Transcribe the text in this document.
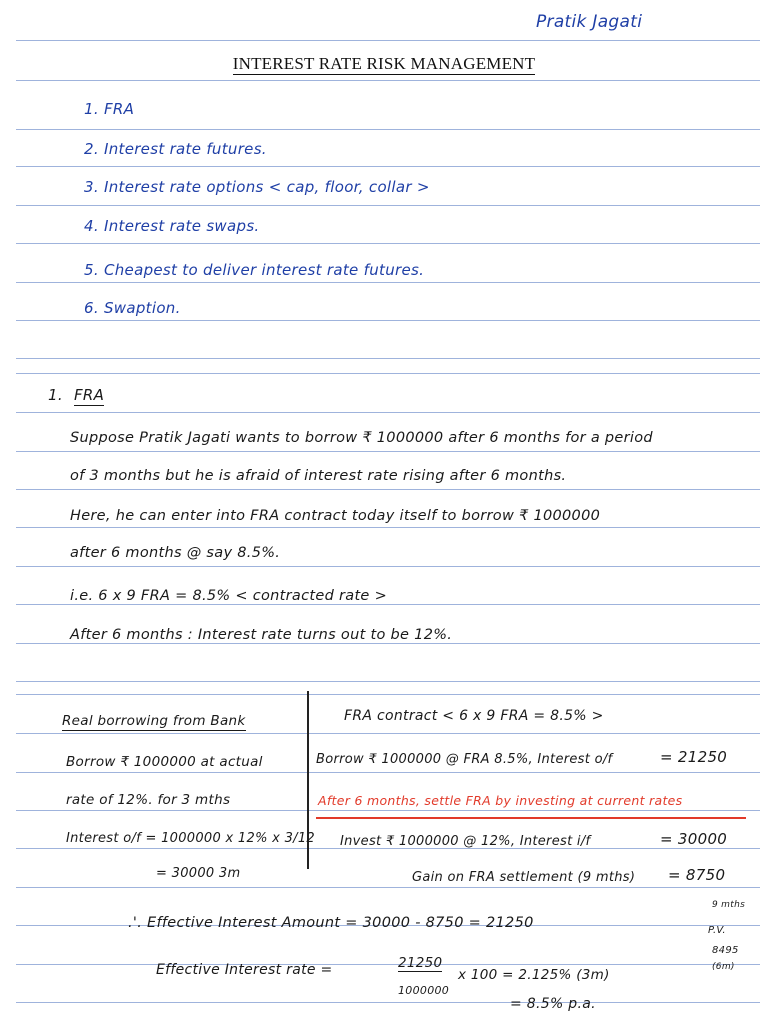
Pratik Jagati
INTEREST RATE RISK MANAGEMENT
1. FRA
2. Interest rate futures.
3. Interest rate options < cap, floor, collar >
4. Interest rate swaps.
5. Cheapest to deliver interest rate futures.
6. Swaption.
1. FRA
Suppose Pratik Jagati wants to borrow ₹ 1000000 after 6 months for a period
of 3 months but he is afraid of interest rate rising after 6 months.
Here, he can enter into FRA contract today itself to borrow ₹ 1000000
after 6 months @ say 8.5%.
i.e. 6 x 9 FRA = 8.5% < contracted rate >
After 6 months : Interest rate turns out to be 12%.
Real borrowing from Bank
Borrow ₹ 1000000 at actual
rate of 12%. for 3 mths
Interest o/f = 1000000 x 12% x 3/12
= 30000 3m
FRA contract < 6 x 9 FRA = 8.5% >
Borrow ₹ 1000000 @ FRA 8.5%, Interest o/f	= 21250
After 6 months, settle FRA by investing at current rates
Invest ₹ 1000000 @ 12%, Interest i/f	= 30000
Gain on FRA settlement (9 mths) = 8750
9 mths
P.V.
8495
(6m)
.'. Effective Interest Amount = 30000 - 8750 = 21250
Effective Interest rate =	21250
1000000
x 100 = 2.125% (3m)
= 8.5% p.a.
